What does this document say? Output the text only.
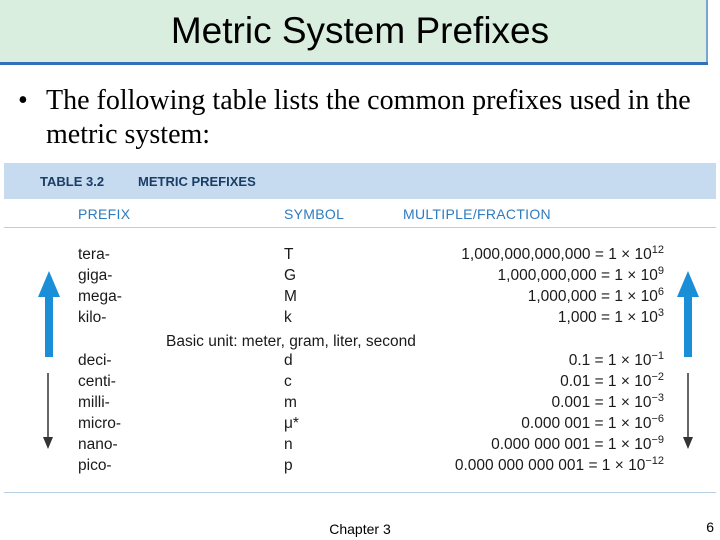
Metric System Prefixes
• The following table lists the common prefixes used in the metric system:
TABLE 3.2	METRIC PREFIXES
PREFIX	SYMBOL	MULTIPLE/FRACTION
tera-	T	$1,000,000,000,000 = 1 \times 10^{12}$
giga-	G	$1,000,000,000 = 1 \times 10^9$
mega-	M	$1,000,000 = 1 \times 10^6$
kilo-	k	$1,000 = 1 \times 10^3$
Basic unit: meter, gram, liter, second
deci-	d	$0.1 = 1 \times 10^{-1}$
centi-	c	$0.01 = 1 \times 10^{-2}$
milli-	m	$0.001 = 1 \times 10^{-3}$
micro-	μ*	0.000 $001 = 1 \times 10^{-6}$
nano-	n	0.000 000 $001 = 1 \times 10^{-9}$
pico-	p	0.000 000 000 $001 = 1 \times 10^{-12}$
Chapter 3	6
